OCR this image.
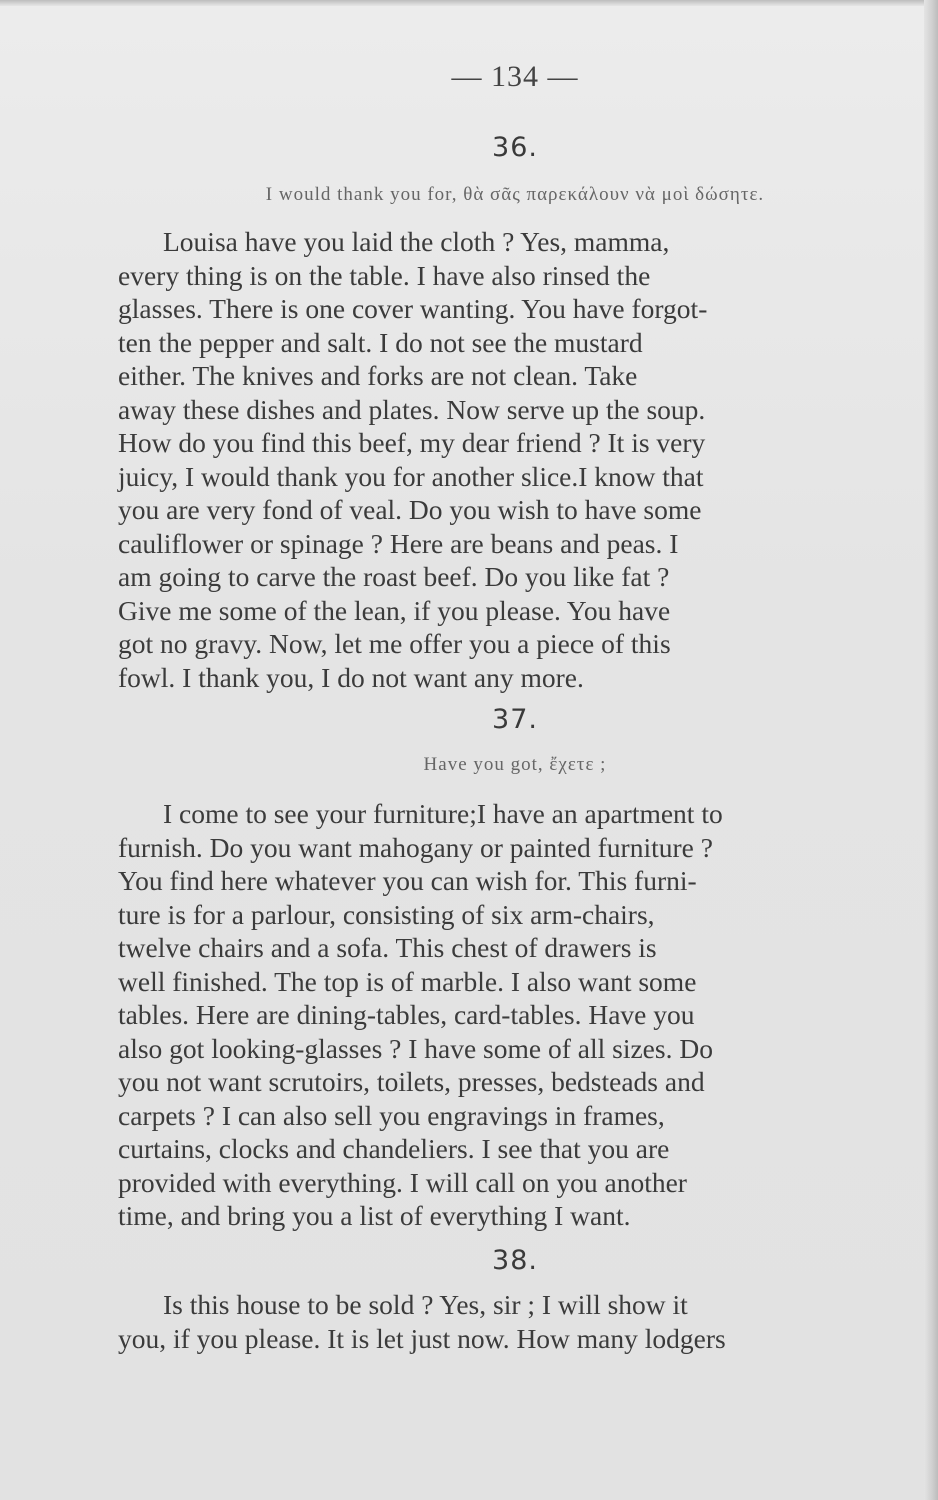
— 134 —
36.
I would thank you for, θὰ σᾶς παρεκάλουν νὰ μοὶ δώσητε.
Louisa have you laid the cloth ? Yes, mamma,
every thing is on the table. I have also rinsed the
glasses. There is one cover wanting. You have forgot-
ten the pepper and salt. I do not see the mustard
either. The knives and forks are not clean. Take
away these dishes and plates. Now serve up the soup.
How do you find this beef, my dear friend ? It is very
juicy, I would thank you for another slice.I know that
you are very fond of veal. Do you wish to have some
cauliflower or spinage ? Here are beans and peas. I
am going to carve the roast beef. Do you like fat ?
Give me some of the lean, if you please. You have
got no gravy. Now, let me offer you a piece of this
fowl. I thank you, I do not want any more.
37.
Have you got, ἔχετε ;
I come to see your furniture;I have an apartment to
furnish. Do you want mahogany or painted furniture ?
You find here whatever you can wish for. This furni-
ture is for a parlour, consisting of six arm-chairs,
twelve chairs and a sofa. This chest of drawers is
well finished. The top is of marble. I also want some
tables. Here are dining-tables, card-tables. Have you
also got looking-glasses ? I have some of all sizes. Do
you not want scrutoirs, toilets, presses, bedsteads and
carpets ? I can also sell you engravings in frames,
curtains, clocks and chandeliers. I see that you are
provided with everything. I will call on you another
time, and bring you a list of everything I want.
38.
Is this house to be sold ? Yes, sir ; I will show it
you, if you please. It is let just now. How many lodgers
